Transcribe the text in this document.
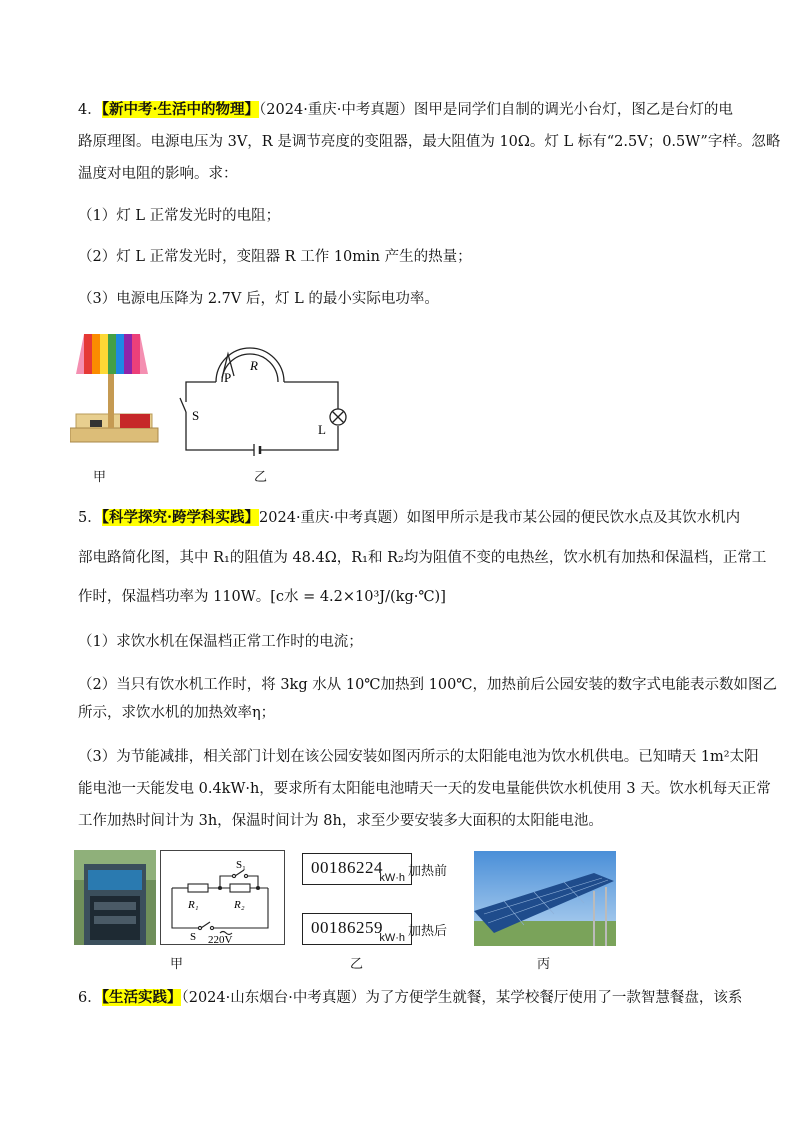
4．【新中考·生活中的物理】（2024·重庆·中考真题）图甲是同学们自制的调光小台灯，图乙是台灯的电
路原理图。电源电压为 3V，R 是调节亮度的变阻器，最大阻值为 10Ω。灯 L 标有“2.5V；0.5W”字样。忽略
温度对电阻的影响。求：
（1）灯 L 正常发光时的电阻；
（2）灯 L 正常发光时，变阻器 R 工作 10min 产生的热量；
（3）电源电压降为 2.7V 后，灯 L 的最小实际电功率。
甲
P
R
S
L
乙
5．【科学探究·跨学科实践】2024·重庆·中考真题）如图甲所示是我市某公园的便民饮水点及其饮水机内
部电路简化图，其中 R₁的阻值为 48.4Ω，R₁和 R₂均为阻值不变的电热丝，饮水机有加热和保温档，正常工
作时，保温档功率为 110W。[c水 = 4.2×10³J/(kg·℃)]
（1）求饮水机在保温档正常工作时的电流；
（2）当只有饮水机工作时，将 3kg 水从 10℃加热到 100℃，加热前后公园安装的数字式电能表示数如图乙
所示，求饮水机的加热效率η；
（3）为节能减排，相关部门计划在该公园安装如图丙所示的太阳能电池为饮水机供电。已知晴天 1m²太阳
能电池一天能发电 0.4kW·h，要求所有太阳能电池晴天一天的发电量能供饮水机使用 3 天。饮水机每天正常
工作加热时间计为 3h，保温时间计为 8h，求至少要安装多大面积的太阳能电池。
S₁
R₁	R₂
S 220V
甲
00186224
kW·h 加热前
00186259
kW·h 加热后
乙	丙
6．【生活实践】（2024·山东烟台·中考真题）为了方便学生就餐，某学校餐厅使用了一款智慧餐盘，该系
